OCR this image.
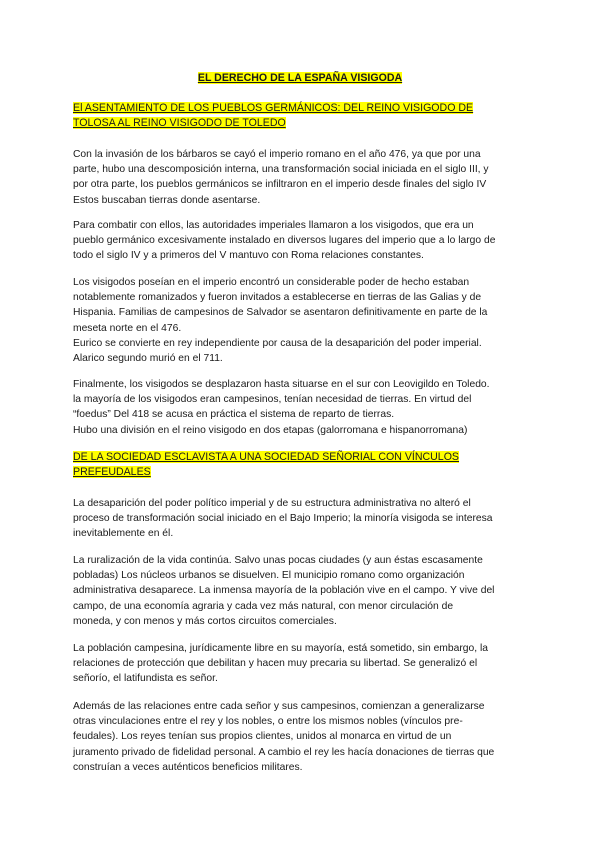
EL DERECHO DE LA ESPAÑA VISIGODA
El ASENTAMIENTO DE LOS PUEBLOS GERMÁNICOS: DEL REINO VISIGODO DE
TOLOSA AL REINO VISIGODO DE TOLEDO
Con la invasión de los bárbaros se cayó el imperio romano en el año 476, ya que por una
parte, hubo una descomposición interna, una transformación social iniciada en el siglo III, y
por otra parte, los pueblos germánicos se infiltraron en el imperio desde finales del siglo IV
Estos buscaban tierras donde asentarse.
Para combatir con ellos, las autoridades imperiales llamaron a los visigodos, que era un
pueblo germánico excesivamente instalado en diversos lugares del imperio que a lo largo de
todo el siglo IV y a primeros del V mantuvo con Roma relaciones constantes.
Los visigodos poseían en el imperio encontró un considerable poder de hecho estaban
notablemente romanizados y fueron invitados a establecerse en tierras de las Galias y de
Hispania. Familias de campesinos de Salvador se asentaron definitivamente en parte de la
meseta norte en el 476.
Eurico se convierte en rey independiente por causa de la desaparición del poder imperial.
Alarico segundo murió en el 711.
Finalmente, los visigodos se desplazaron hasta situarse en el sur con Leovigildo en Toledo.
la mayoría de los visigodos eran campesinos, tenían necesidad de tierras. En virtud del
“foedus” Del 418 se acusa en práctica el sistema de reparto de tierras.
Hubo una división en el reino visigodo en dos etapas (galorromana e hispanorromana)
DE LA SOCIEDAD ESCLAVISTA A UNA SOCIEDAD SEÑORIAL CON VÍNCULOS
PREFEUDALES
La desaparición del poder político imperial y de su estructura administrativa no alteró el
proceso de transformación social iniciado en el Bajo Imperio; la minoría visigoda se interesa
inevitablemente en él.
La ruralización de la vida continúa. Salvo unas pocas ciudades (y aun éstas escasamente
pobladas) Los núcleos urbanos se disuelven. El municipio romano como organización
administrativa desaparece. La inmensa mayoría de la población vive en el campo. Y vive del
campo, de una economía agraria y cada vez más natural, con menor circulación de
moneda, y con menos y más cortos circuitos comerciales.
La población campesina, jurídicamente libre en su mayoría, está sometido, sin embargo, la
relaciones de protección que debilitan y hacen muy precaria su libertad. Se generalizó el
señorío, el latifundista es señor.
Además de las relaciones entre cada señor y sus campesinos, comienzan a generalizarse
otras vinculaciones entre el rey y los nobles, o entre los mismos nobles (vínculos pre-
feudales). Los reyes tenían sus propios clientes, unidos al monarca en virtud de un
juramento privado de fidelidad personal. A cambio el rey les hacía donaciones de tierras que
construían a veces auténticos beneficios militares.
